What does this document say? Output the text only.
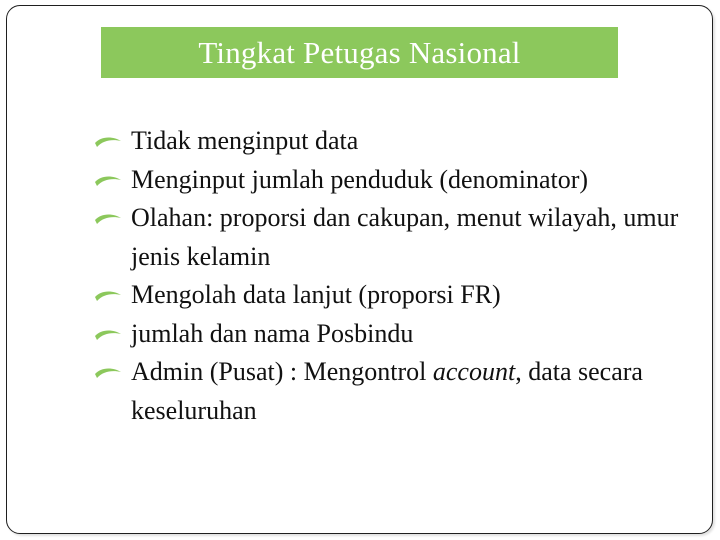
Tingkat Petugas Nasional
Tidak menginput data
Menginput jumlah penduduk (denominator)
Olahan: proporsi dan cakupan, menut wilayah, umur jenis kelamin
Mengolah data lanjut (proporsi FR)
jumlah dan nama Posbindu
Admin (Pusat) : Mengontrol account, data secara keseluruhan
